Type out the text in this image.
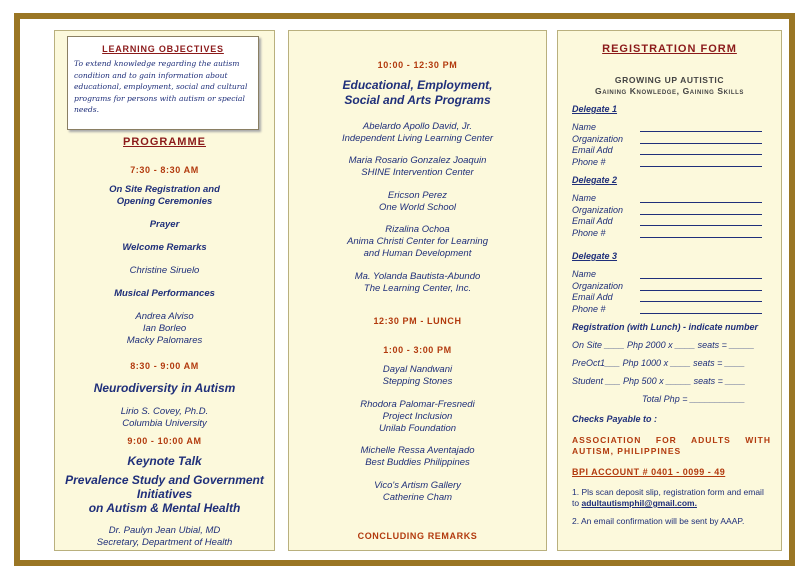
LEARNING OBJECTIVES

To extend knowledge regarding the autism condition and to gain information about educational, employment, social and cultural programs for persons with autism or special needs.

PROGRAMME
7:30 - 8:30 AM
On Site Registration and
Opening Ceremonies
Prayer
Welcome Remarks
Christine Siruelo
Musical Performances
Andrea Alviso
Ian Borleo
Macky Palomares
8:30 - 9:00 AM
Neurodiversity in Autism
Lirio S. Covey, Ph.D.
Columbia University
9:00 - 10:00 AM
Keynote Talk
Prevalence Study and Government
Initiatives
on Autism & Mental Health
Dr. Paulyn Jean Ubial, MD
Secretary, Department of Health
10:00 - 12:30 PM
Educational, Employment,
Social and Arts Programs
Abelardo Apollo David, Jr.
Independent Living Learning Center
Maria Rosario Gonzalez Joaquin
SHINE Intervention Center
Ericson Perez
One World School
Rizalina Ochoa
Anima Christi Center for Learning
and Human Development
Ma. Yolanda Bautista-Abundo
The Learning Center, Inc.
12:30 PM - LUNCH
1:00 - 3:00 PM
Dayal Nandwani
Stepping Stones
Rhodora Palomar-Fresnedi
Project Inclusion
Unilab Foundation
Michelle Ressa Aventajado
Best Buddies Philippines
Vico's Artism Gallery
Catherine Cham
CONCLUDING REMARKS
REGISTRATION FORM
GROWING UP AUTISTIC
Gaining Knowledge, Gaining Skills
Delegate 1
Name
Organization
Email Add
Phone #
Delegate 2
Name
Organization
Email Add
Phone #
Delegate 3
Name
Organization
Email Add
Phone #
Registration (with Lunch) - indicate number
On Site ____ Php 2000 x ____ seats = _____
PreOct1___ Php 1000 x ____ seats = ____
Student ___ Php 500 x _____ seats = ____
Total Php = ___________
Checks Payable to :
ASSOCIATION FOR ADULTS WITH AUTISM, PHILIPPINES
BPI ACCOUNT # 0401 - 0099 - 49
1. Pls scan deposit slip, registration form and email to adultautismphil@gmail.com.
2. An email confirmation will be sent by AAAP.
